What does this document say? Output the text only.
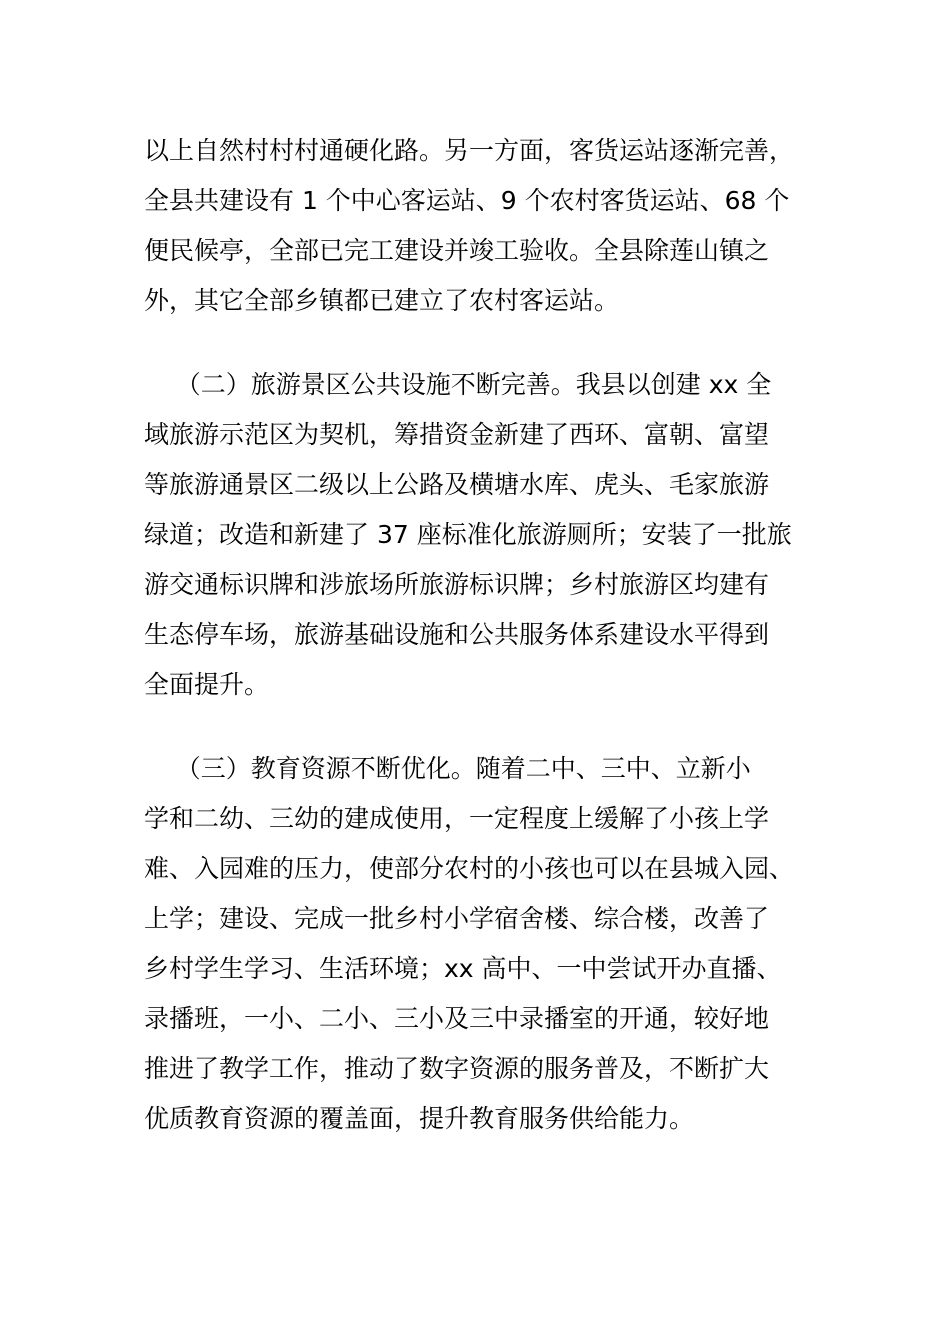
以上自然村村村通硬化路。另一方面，客货运站逐渐完善，
全县共建设有 1 个中心客运站、9 个农村客货运站、68 个
便民候亭，全部已完工建设并竣工验收。全县除莲山镇之
外，其它全部乡镇都已建立了农村客运站。
（二）旅游景区公共设施不断完善。我县以创建 xx 全
域旅游示范区为契机，筹措资金新建了西环、富朝、富望
等旅游通景区二级以上公路及横塘水库、虎头、毛家旅游
绿道；改造和新建了 37 座标准化旅游厕所；安装了一批旅
游交通标识牌和涉旅场所旅游标识牌；乡村旅游区均建有
生态停车场，旅游基础设施和公共服务体系建设水平得到
全面提升。
（三）教育资源不断优化。随着二中、三中、立新小
学和二幼、三幼的建成使用，一定程度上缓解了小孩上学
难、入园难的压力，使部分农村的小孩也可以在县城入园、
上学；建设、完成一批乡村小学宿舍楼、综合楼，改善了
乡村学生学习、生活环境；xx 高中、一中尝试开办直播、
录播班，一小、二小、三小及三中录播室的开通，较好地
推进了教学工作，推动了数字资源的服务普及，不断扩大
优质教育资源的覆盖面，提升教育服务供给能力。
